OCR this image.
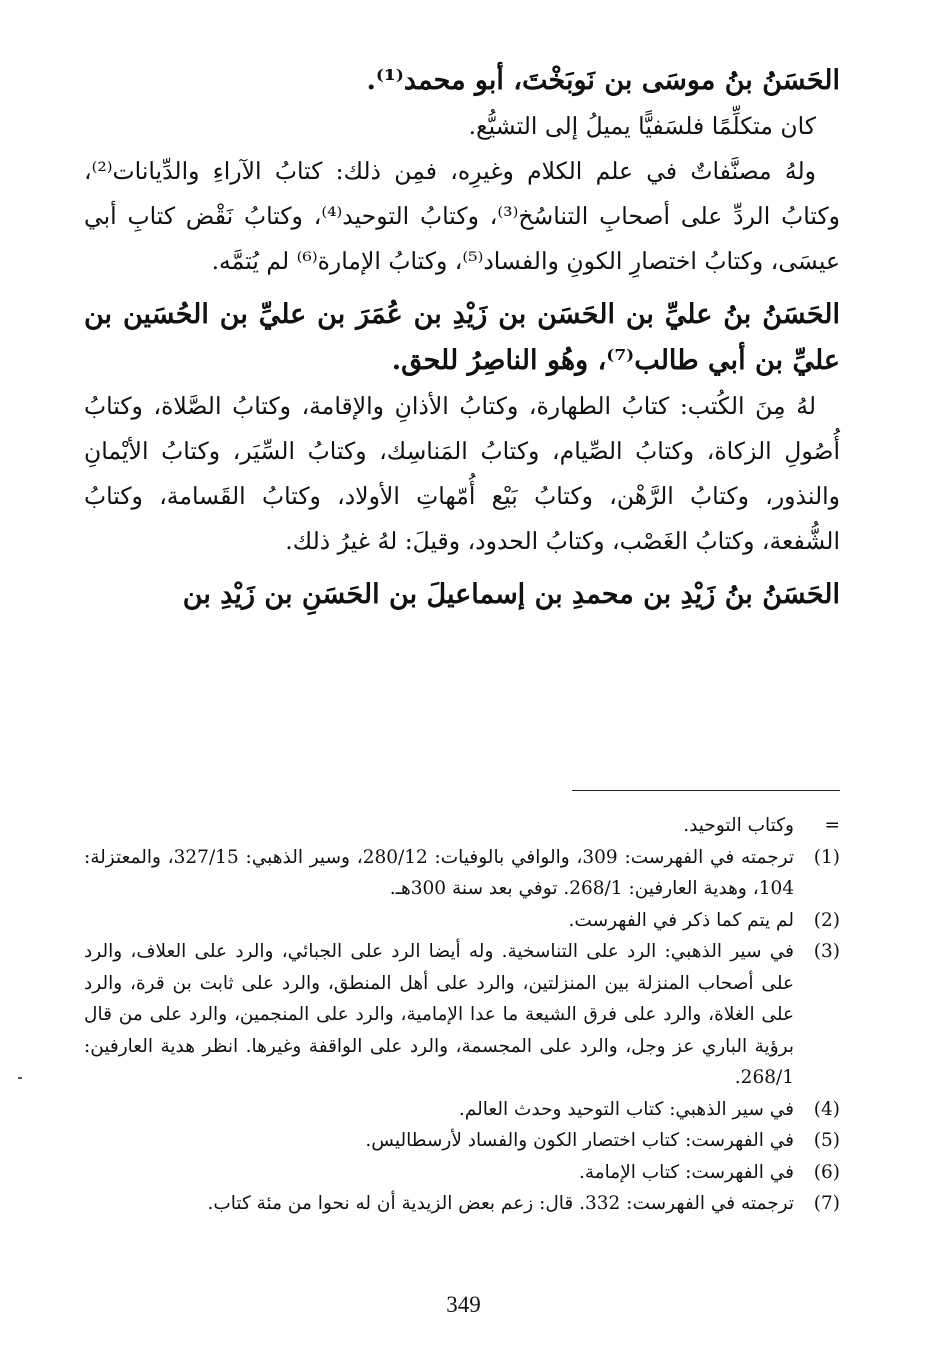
الحَسَنُ بنُ موسَى بن نَوبَخْتَ، أبو محمد⁽¹⁾.

كان متكلِّمًا فلسَفيًّا يميلُ إلى التشيُّع.

ولهُ مصنَّفاتٌ في علم الكلام وغيرِه، فمِن ذلك: كتابُ الآراءِ والدِّيانات⁽²⁾، وكتابُ الردِّ على أصحابِ التناسُخ⁽³⁾، وكتابُ التوحيد⁽⁴⁾، وكتابُ نَقْض كتابِ أبي عيسَى، وكتابُ اختصارِ الكونِ والفساد⁽⁵⁾، وكتابُ الإمارة⁽⁶⁾ لم يُتمَّه.

الحَسَنُ بنُ عليِّ بن الحَسَن بن زَيْدِ بن عُمَرَ بن عليِّ بن الحُسَين بن عليِّ بن أبي طالب⁽⁷⁾، وهُو الناصِرُ للحق.

لهُ مِنَ الكُتب: كتابُ الطهارة، وكتابُ الأذانِ والإقامة، وكتابُ الصَّلاة، وكتابُ أُصُولِ الزكاة، وكتابُ الصِّيام، وكتابُ المَناسِك، وكتابُ السِّيَر، وكتابُ الأيْمانِ والنذور، وكتابُ الرَّهْن، وكتابُ بَيْع أُمّهاتِ الأولاد، وكتابُ القَسامة، وكتابُ الشُّفعة، وكتابُ الغَصْب، وكتابُ الحدود، وقيلَ: لهُ غيرُ ذلك.

الحَسَنُ بنُ زَيْدِ بن محمدِ بن إسماعيلَ بن الحَسَنِ بن زَيْدِ بن
=
وكتاب التوحيد.
(1)
ترجمته في الفهرست: 309، والوافي بالوفيات: 280/12، وسير الذهبي: 327/15، والمعتزلة: 104، وهدية العارفين: 268/1. توفي بعد سنة 300هـ.
(2)
لم يتم كما ذكر في الفهرست.
(3)
في سير الذهبي: الرد على التناسخية. وله أيضا الرد على الجبائي، والرد على العلاف، والرد على أصحاب المنزلة بين المنزلتين، والرد على أهل المنطق، والرد على ثابت بن قرة، والرد على الغلاة، والرد على فرق الشيعة ما عدا الإمامية، والرد على المنجمين، والرد على من قال برؤية الباري عز وجل، والرد على المجسمة، والرد على الواقفة وغيرها. انظر هدية العارفين: 268/1.
(4)
في سير الذهبي: كتاب التوحيد وحدث العالم.
(5)
في الفهرست: كتاب اختصار الكون والفساد لأرسطاليس.
(6)
في الفهرست: كتاب الإمامة.
(7)
ترجمته في الفهرست: 332. قال: زعم بعض الزيدية أن له نحوا من مئة كتاب.
349
